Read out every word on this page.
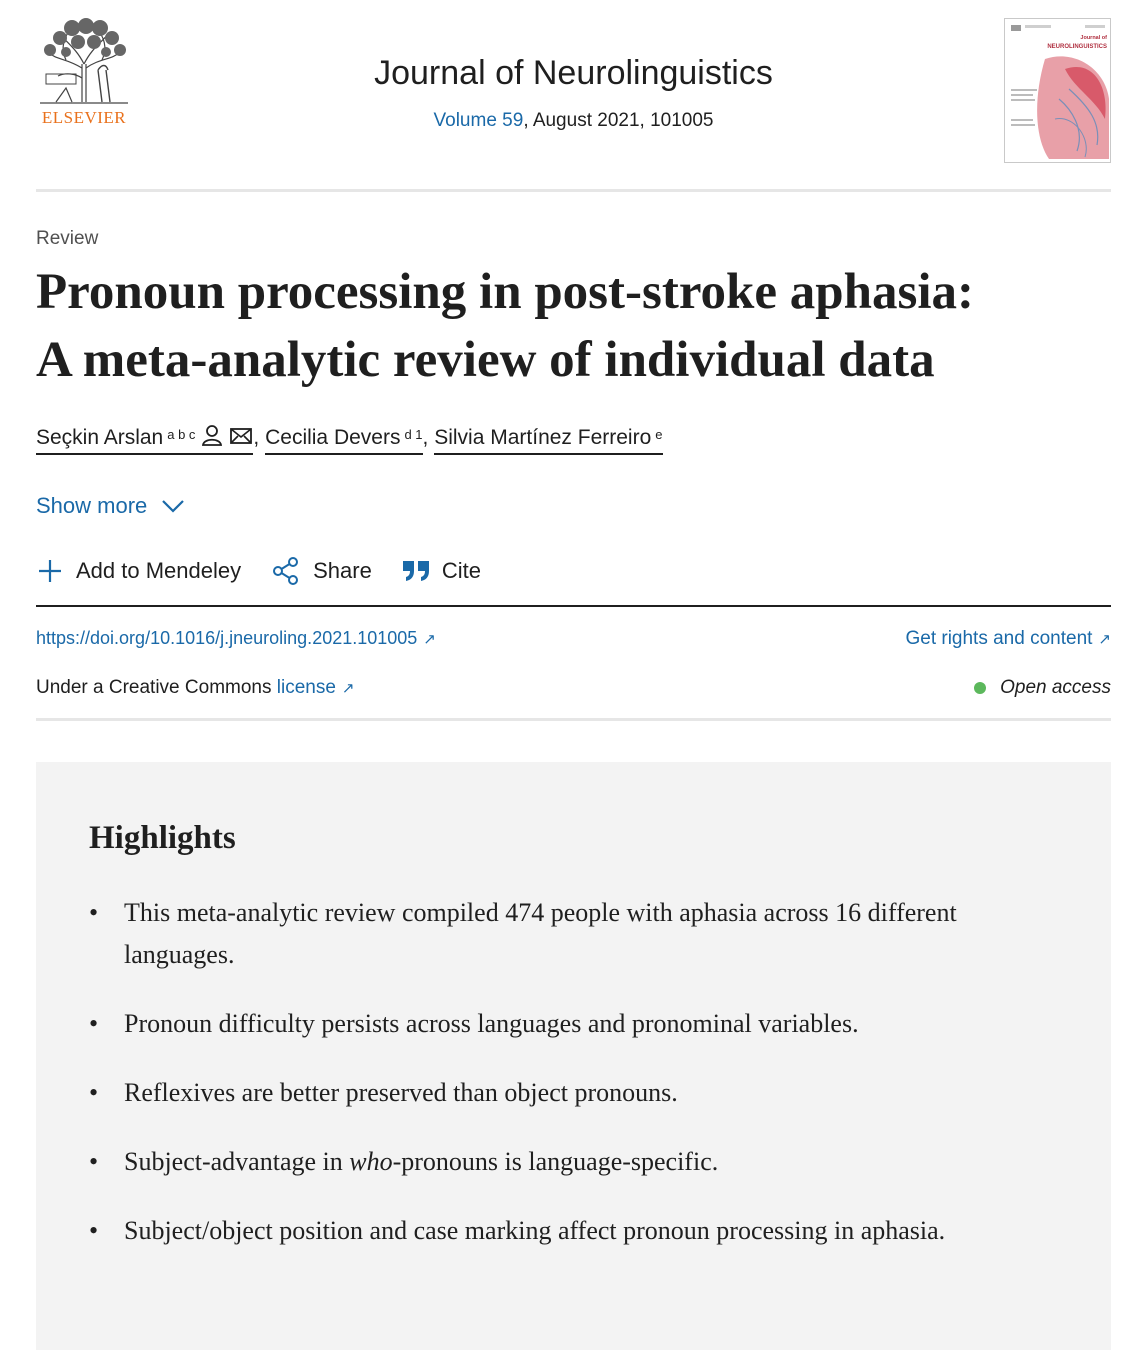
ELSEVIER
Journal of Neurolinguistics
Volume 59, August 2021, 101005
Journal of
NEUROLINGUISTICS
Review
Pronoun processing in post-stroke aphasia:
A meta-analytic review of individual data
Seçkin Arslan $^{a b c}$	, Cecilia Devers $^{d 1}$, Silvia Martínez Ferreiro $^e$
Show more
Add to Mendeley	Share	Cite
https://doi.org/10.1016/j.jneuroling.2021.101005 ↗	Get rights and content ↗
Under a Creative Commons license ↗	Open access
Highlights
• This meta-analytic review compiled 474 people with aphasia across 16 different languages.
• Pronoun difficulty persists across languages and pronominal variables.
• Reflexives are better preserved than object pronouns.
• Subject-advantage in who-pronouns is language-specific.
• Subject/object position and case marking affect pronoun processing in aphasia.
